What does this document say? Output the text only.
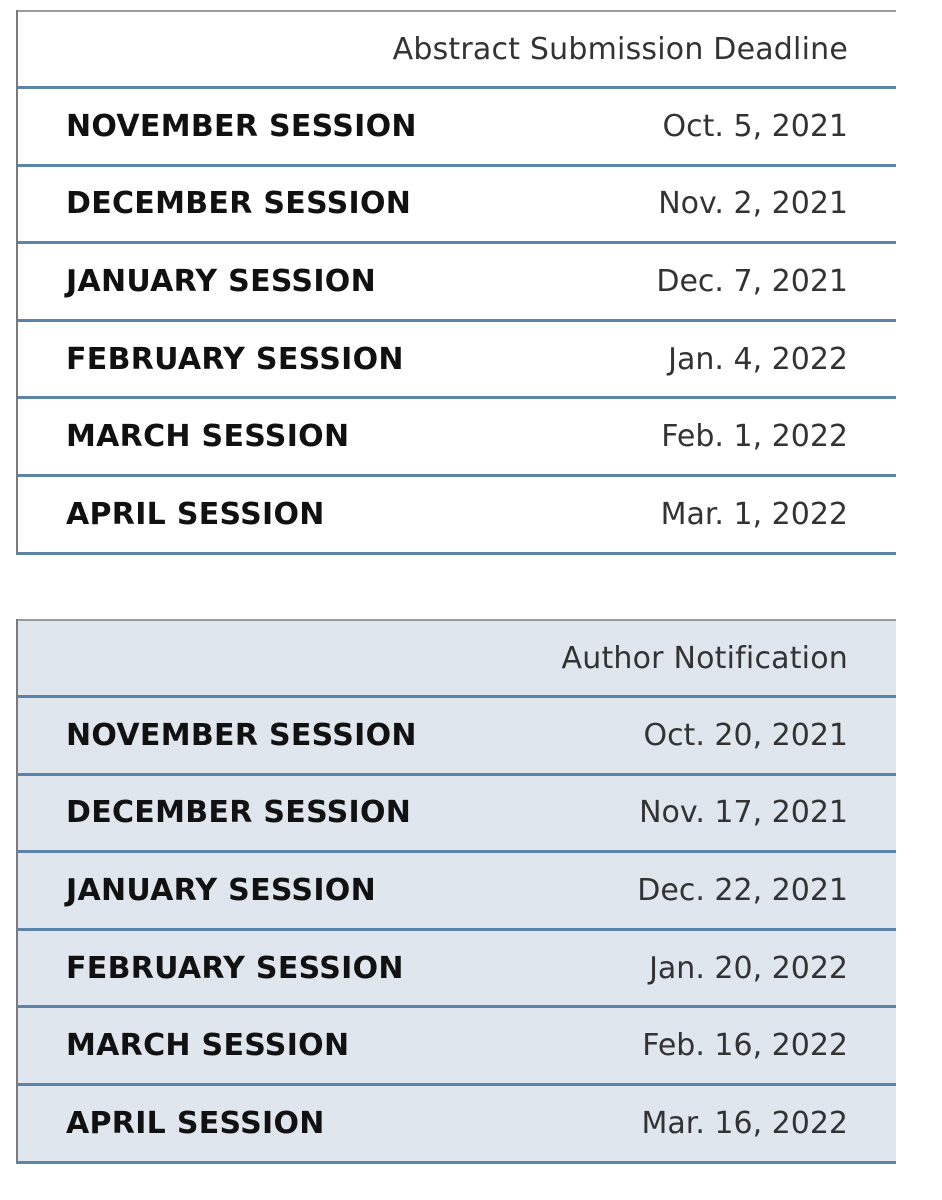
Abstract Submission Deadline
NOVEMBER SESSION	Oct. 5, 2021
DECEMBER SESSION	Nov. 2, 2021
JANUARY SESSION	Dec. 7, 2021
FEBRUARY SESSION	Jan. 4, 2022
MARCH SESSION	Feb. 1, 2022
APRIL SESSION	Mar. 1, 2022
Author Notification
NOVEMBER SESSION	Oct. 20, 2021
DECEMBER SESSION	Nov. 17, 2021
JANUARY SESSION	Dec. 22, 2021
FEBRUARY SESSION	Jan. 20, 2022
MARCH SESSION	Feb. 16, 2022
APRIL SESSION	Mar. 16, 2022
